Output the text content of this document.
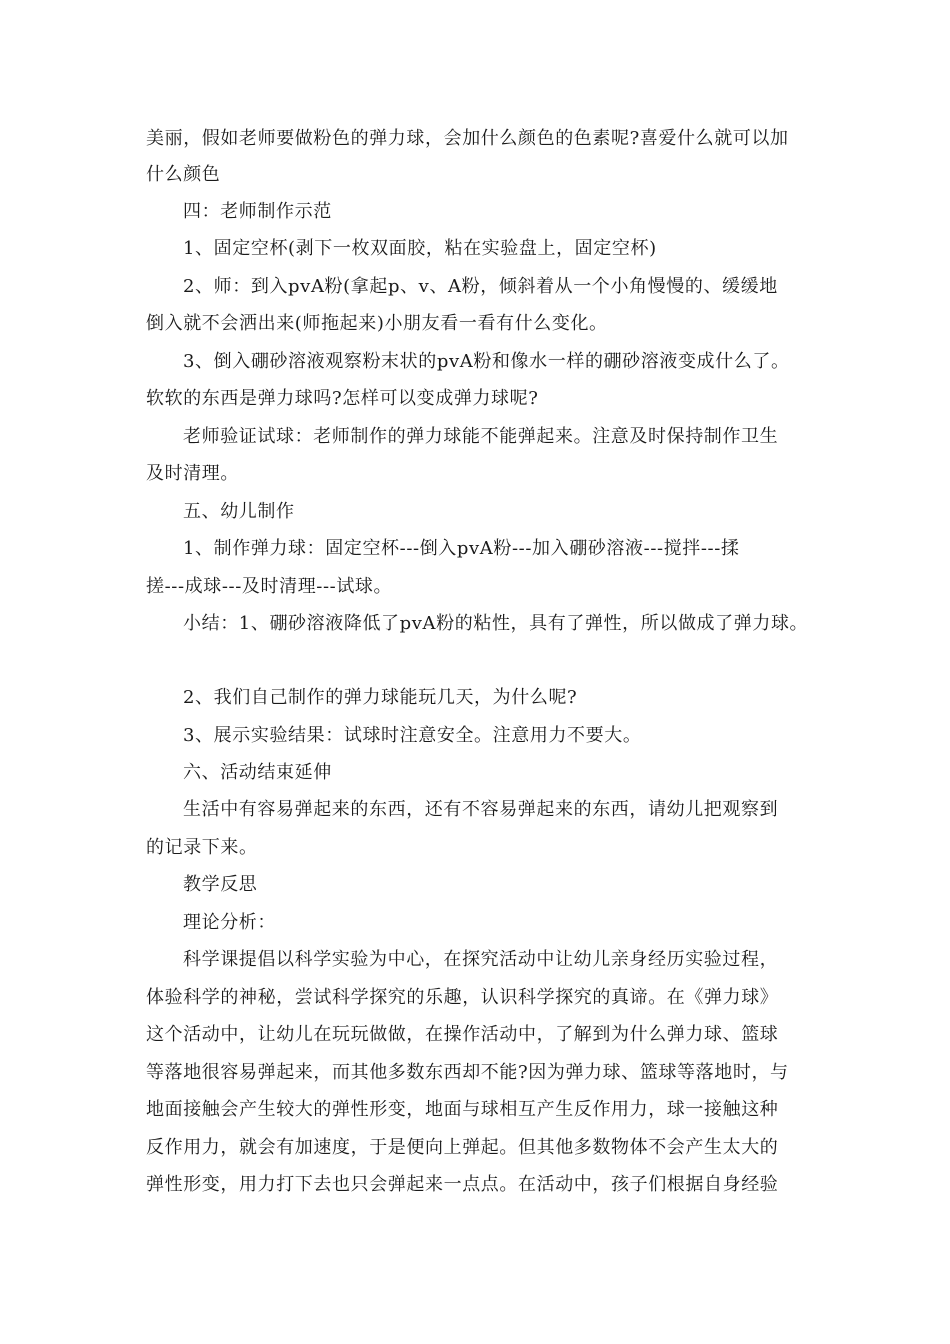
美丽，假如老师要做粉色的弹力球，会加什么颜色的色素呢?喜爱什么就可以加
什么颜色
四：老师制作示范
1、固定空杯(剥下一枚双面胶，粘在实验盘上，固定空杯)
2、师：到入pvA粉(拿起p、v、A粉，倾斜着从一个小角慢慢的、缓缓地
倒入就不会洒出来(师拖起来)小朋友看一看有什么变化。
3、倒入硼砂溶液观察粉末状的pvA粉和像水一样的硼砂溶液变成什么了。
软软的东西是弹力球吗?怎样可以变成弹力球呢?
老师验证试球：老师制作的弹力球能不能弹起来。注意及时保持制作卫生
及时清理。
五、幼儿制作
1、制作弹力球：固定空杯---倒入pvA粉---加入硼砂溶液---搅拌---揉
搓---成球---及时清理---试球。
小结：1、硼砂溶液降低了pvA粉的粘性，具有了弹性，所以做成了弹力球。
2、我们自己制作的弹力球能玩几天，为什么呢?
3、展示实验结果：试球时注意安全。注意用力不要大。
六、活动结束延伸
生活中有容易弹起来的东西，还有不容易弹起来的东西，请幼儿把观察到
的记录下来。
教学反思
理论分析：
科学课提倡以科学实验为中心，在探究活动中让幼儿亲身经历实验过程，
体验科学的神秘，尝试科学探究的乐趣，认识科学探究的真谛。在《弹力球》
这个活动中，让幼儿在玩玩做做，在操作活动中，了解到为什么弹力球、篮球
等落地很容易弹起来，而其他多数东西却不能?因为弹力球、篮球等落地时，与
地面接触会产生较大的弹性形变，地面与球相互产生反作用力，球一接触这种
反作用力，就会有加速度，于是便向上弹起。但其他多数物体不会产生太大的
弹性形变，用力打下去也只会弹起来一点点。在活动中，孩子们根据自身经验
